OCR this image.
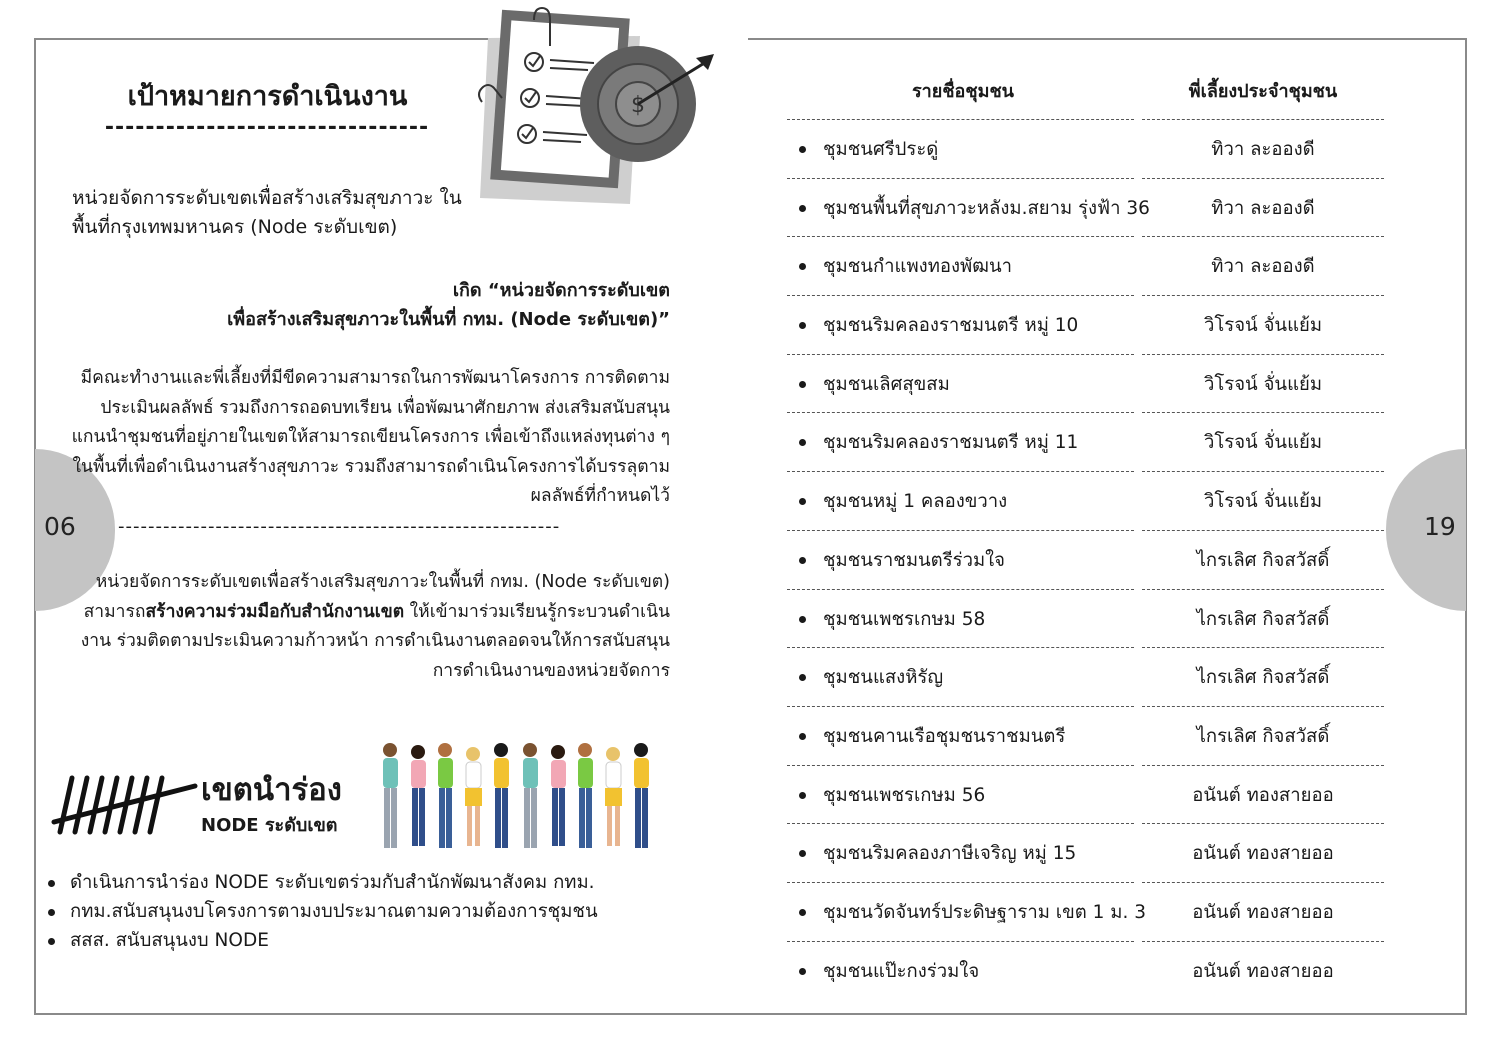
06	19
เป้าหมายการดำเนินงาน
--------------------------------
หน่วยจัดการระดับเขตเพื่อสร้างเสริมสุขภาวะ ในพื้นที่กรุงเทพมหานคร (Node ระดับเขต)
เกิด “หน่วยจัดการระดับเขต
เพื่อสร้างเสริมสุขภาวะในพื้นที่ กทม. (Node ระดับเขต)”
มีคณะทำงานและพี่เลี้ยงที่มีขีดความสามารถในการพัฒนาโครงการ การติดตามประเมินผลลัพธ์ รวมถึงการถอดบทเรียน เพื่อพัฒนาศักยภาพ ส่งเสริมสนับสนุนแกนนำชุมชนที่อยู่ภายในเขตให้สามารถเขียนโครงการ เพื่อเข้าถึงแหล่งทุนต่าง ๆ ในพื้นที่เพื่อดำเนินงานสร้างสุขภาวะ รวมถึงสามารถดำเนินโครงการได้บรรลุตามผลลัพธ์ที่กำหนดไว้
-----------------------------------------------------------
หน่วยจัดการระดับเขตเพื่อสร้างเสริมสุขภาวะในพื้นที่ กทม. (Node ระดับเขต) สามารถสร้างความร่วมมือกับสำนักงานเขต ให้เข้ามาร่วมเรียนรู้กระบวนดำเนินงาน ร่วมติดตามประเมินความก้าวหน้า การดำเนินงานตลอดจนให้การสนับสนุนการดำเนินงานของหน่วยจัดการ
เขตนำร่อง
NODE ระดับเขต
ดำเนินการนำร่อง NODE ระดับเขตร่วมกับสำนักพัฒนาสังคม กทม.
กทม.สนับสนุนงบโครงการตามงบประมาณตามความต้องการชุมชน
สสส. สนับสนุนงบ NODE
$
รายชื่อชุมชน	พี่เลี้ยงประจำชุมชน
ชุมชนศรีประดู่	ทิวา ละอองดี
ชุมชนพื้นที่สุขภาวะหลังม.สยาม รุ่งฟ้า 36	ทิวา ละอองดี
ชุมชนกำแพงทองพัฒนา	ทิวา ละอองดี
ชุมชนริมคลองราชมนตรี หมู่ 10	วิโรจน์ จั่นแย้ม
ชุมชนเลิศสุขสม	วิโรจน์ จั่นแย้ม
ชุมชนริมคลองราชมนตรี หมู่ 11	วิโรจน์ จั่นแย้ม
ชุมชนหมู่ 1 คลองขวาง	วิโรจน์ จั่นแย้ม
ชุมชนราชมนตรีร่วมใจ	ไกรเลิศ กิจสวัสดิ์
ชุมชนเพชรเกษม 58	ไกรเลิศ กิจสวัสดิ์
ชุมชนแสงหิรัญ	ไกรเลิศ กิจสวัสดิ์
ชุมชนคานเรือชุมชนราชมนตรี	ไกรเลิศ กิจสวัสดิ์
ชุมชนเพชรเกษม 56	อนันต์ ทองสายออ
ชุมชนริมคลองภาษีเจริญ หมู่ 15	อนันต์ ทองสายออ
ชุมชนวัดจันทร์ประดิษฐาราม เขต 1 ม. 3	อนันต์ ทองสายออ
ชุมชนแป๊ะกงร่วมใจ	อนันต์ ทองสายออ
